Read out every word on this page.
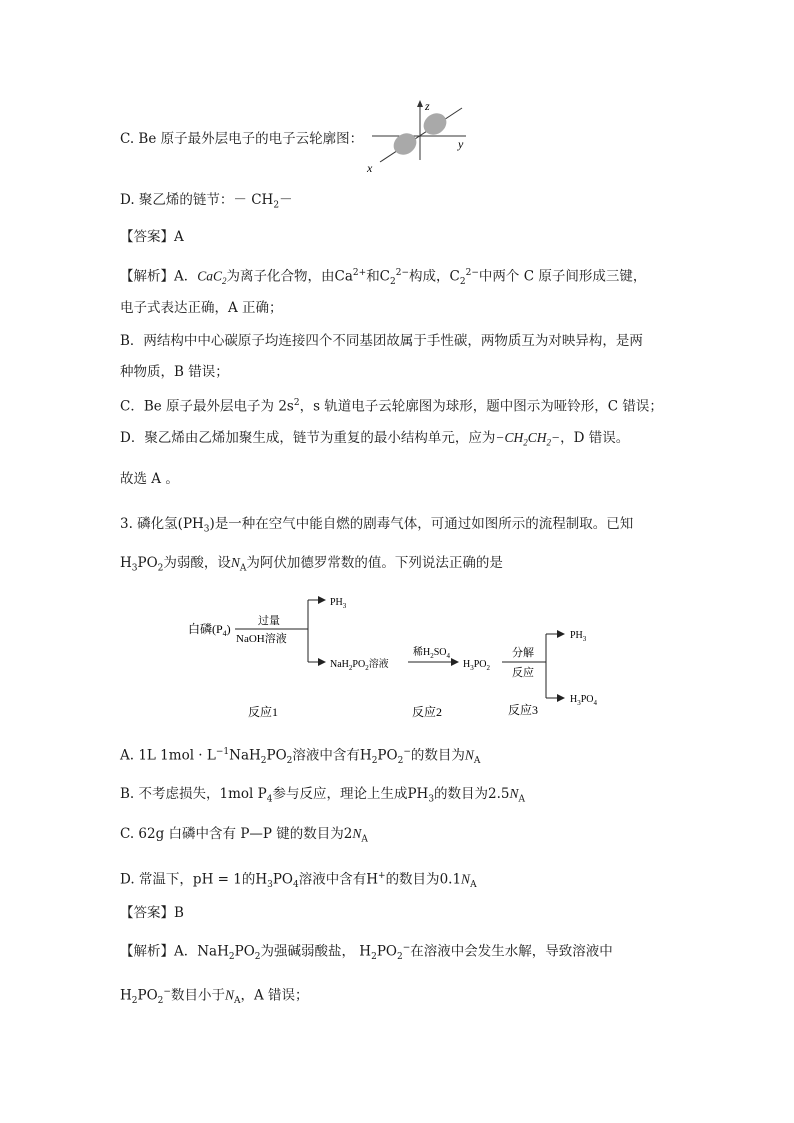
C. Be 原子最外层电子的电子云轮廓图：
z
y
x
D. 聚乙烯的链节：－ $CH_2-$
【答案】A
【解析】A．CaC$_2$为离子化合物，由$Ca^{2+}$和$C_2^{2-}$构成，$C_2^{2-}$中两个 C 原子间形成三键，
电子式表达正确，A 正确；
B．两结构中中心碳原子均连接四个不同基团故属于手性碳，两物质互为对映异构，是两
种物质，B 错误；
C．Be 原子最外层电子为 $2s^2$，s 轨道电子云轮廓图为球形，题中图示为哑铃形，C 错误；
D．聚乙烯由乙烯加聚生成，链节为重复的最小结构单元，应为$-CH_2CH_2-$，D 错误。
故选 A 。
3. 磷化氢$(PH_3)$是一种在空气中能自燃的剧毒气体，可通过如图所示的流程制取。已知
$H_3PO_2$为弱酸，设$N_A$为阿伏加德罗常数的值。下列说法正确的是
白磷$(P_4)$
过量
NaOH溶液
$PH_3$
$NaH_2PO_2$溶液
稀$H_2SO_4$
$H_3PO_2$
分解
反应
$PH_3$
$H_3PO_4$
反应1	反应2	反应3
A. 1L $1mol \cdot L^{-1}NaH_2PO_2$溶液中含有$H_2PO_2^-$的数目为$N_A$
B. 不考虑损失，1mol $P_4$参与反应，理论上生成$PH_3$的数目为$2.5N_A$
C. 62g 白磷中含有 P—P 键的数目为$2N_A$
D. 常温下，pH = 1的$H_3PO_4$溶液中含有H+的数目为$0.1N_A$
【答案】B
【解析】A．$NaH_2PO_2$为强碱弱酸盐， $H_2PO_2^-$在溶液中会发生水解，导致溶液中
$H_2PO_2^-$数目小于$N_A$，A 错误；
